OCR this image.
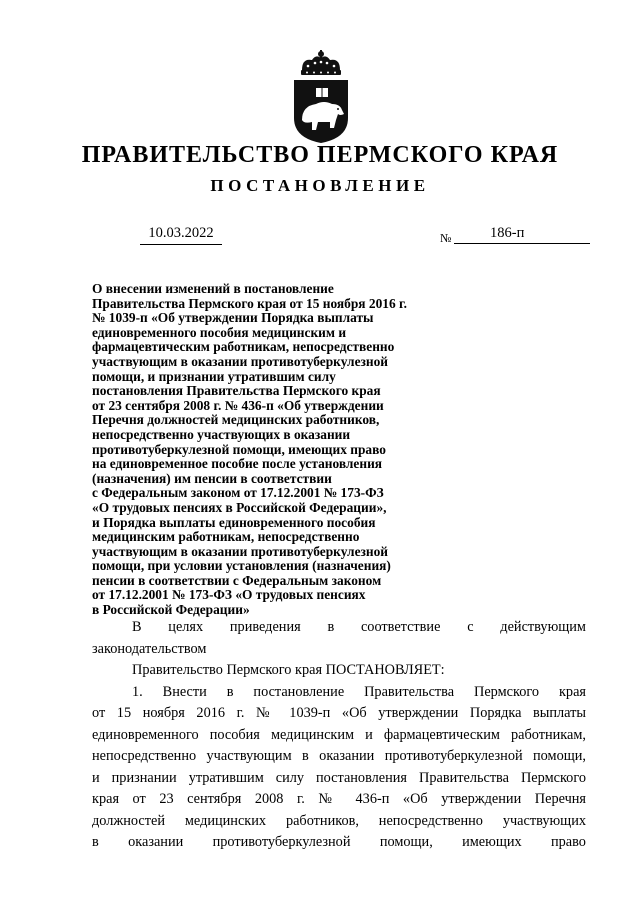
ПРАВИТЕЛЬСТВО ПЕРМСКОГО КРАЯ
ПОСТАНОВЛЕНИЕ
10.03.2022	№	186-п
О внесении изменений в постановление
Правительства Пермского края от 15 ноября 2016 г.
№ 1039-п «Об утверждении Порядка выплаты
единовременного пособия медицинским и
фармацевтическим работникам, непосредственно
участвующим в оказании противотуберкулезной
помощи, и признании утратившим силу
постановления Правительства Пермского края
от 23 сентября 2008 г. № 436-п «Об утверждении
Перечня должностей медицинских работников,
непосредственно участвующих в оказании
противотуберкулезной помощи, имеющих право
на единовременное пособие после установления
(назначения) им пенсии в соответствии
с Федеральным законом от 17.12.2001 № 173-ФЗ
«О трудовых пенсиях в Российской Федерации»,
и Порядка выплаты единовременного пособия
медицинским работникам, непосредственно
участвующим в оказании противотуберкулезной
помощи, при условии установления (назначения)
пенсии в соответствии с Федеральным законом
от 17.12.2001 № 173-ФЗ «О трудовых пенсиях
в Российской Федерации»
В целях приведения в соответствие с действующим
законодательством
Правительство Пермского края ПОСТАНОВЛЯЕТ:
1. Внести в постановление Правительства Пермского края
от 15 ноября 2016 г. № 1039-п «Об утверждении Порядка выплаты
единовременного пособия медицинским и фармацевтическим работникам,
непосредственно участвующим в оказании противотуберкулезной помощи,
и признании утратившим силу постановления Правительства Пермского
края от 23 сентября 2008 г. № 436-п «Об утверждении Перечня
должностей медицинских работников, непосредственно участвующих
в оказании противотуберкулезной помощи, имеющих право
